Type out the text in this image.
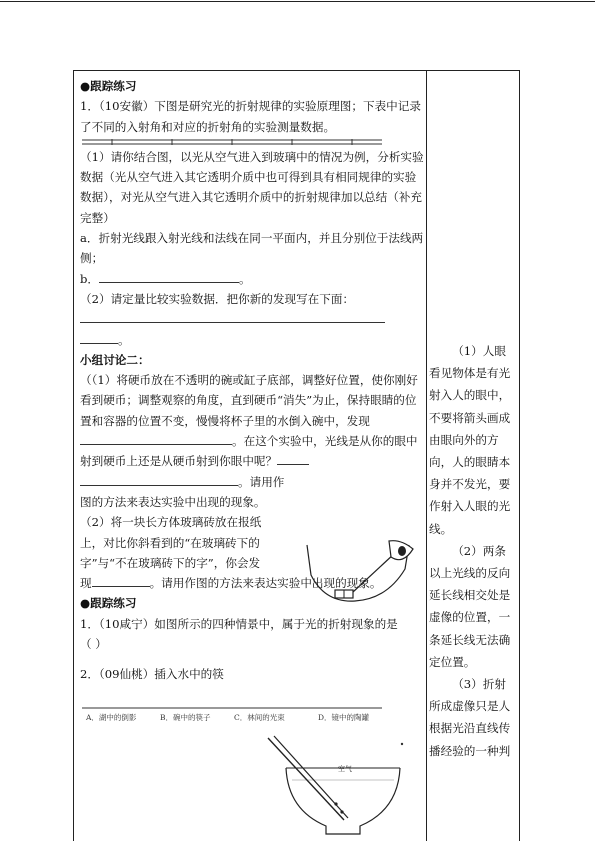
●跟踪练习

1．（10安徽）下图是研究光的折射规律的实验原理图；下表中记录了不同的入射角和对应的折射角的实验测量数据。

（1）请你结合图，以光从空气进入到玻璃中的情况为例，分析实验数据（光从空气进入其它透明介质中也可得到具有相同规律的实验数据），对光从空气进入其它透明介质中的折射规律加以总结（补充完整）

a．折射光线跟入射光线和法线在同一平面内，并且分别位于法线两侧；

b．	。

（2）请定量比较实验数据．把你新的发现写在下面：

。

小组讨论二：

（（1）将硬币放在不透明的碗或缸子底部，调整好位置，使你刚好看到硬币；调整观察的角度，直到硬币“消失”为止，保持眼睛的位置和容器的位置不变，慢慢将杯子里的水倒入碗中，发现。在这个实验中，光线是从你的眼中射到硬币上还是从硬币射到你眼中呢？

。请用作

图的方法来表达实验中出现的现象。

（2）将一块长方体玻璃砖放在报纸

上，对比你斜看到的“在玻璃砖下的

字”与“不在玻璃砖下的字”，你会发

现	。请用作图的方法来表达实验中出现的现象。

●跟踪练习

1．（10咸宁）如图所示的四种情景中，属于光的折射现象的是

（ ）

2．（09仙桃）插入水中的筷

A．湖中的倒影	B．碗中的筷子	C．林间的光束	D．镜中的陶罐
空气

（1）人眼看见物体是有光射入人的眼中，不要将箭头画成由眼向外的方向，人的眼睛本身并不发光，要作射入人眼的光线。

（2）两条以上光线的反向延长线相交处是虚像的位置，一条延长线无法确定位置。

（3）折射所成虚像只是人根据光沿直线传播经验的一种判
